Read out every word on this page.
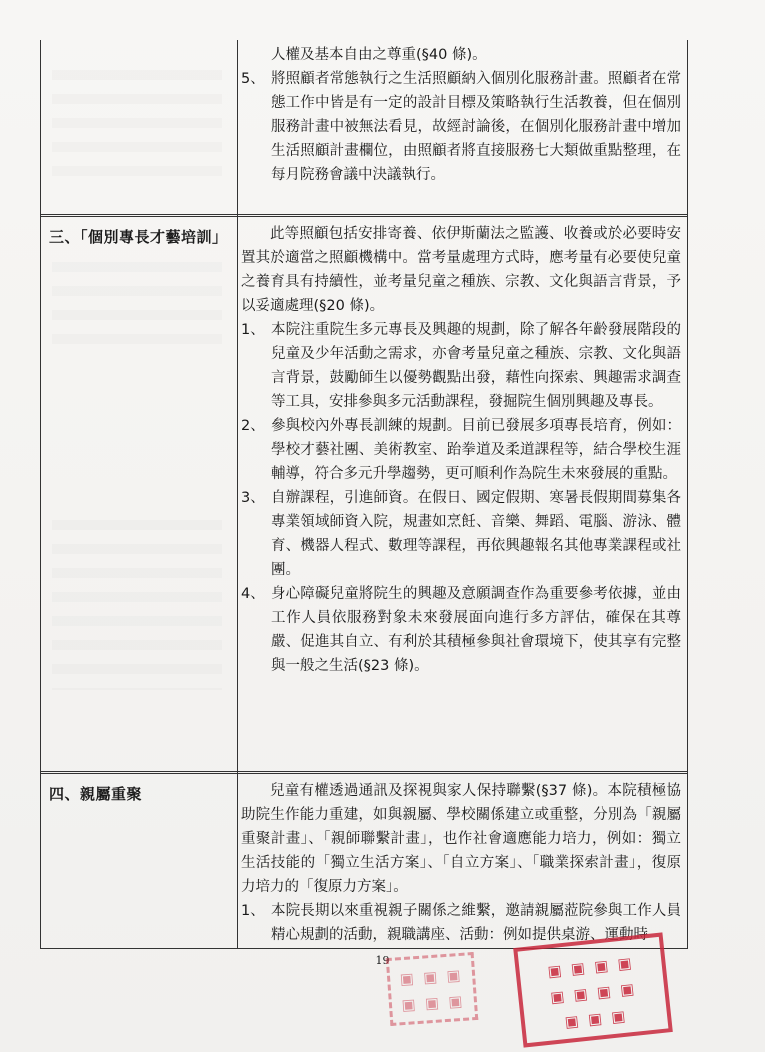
人權及基本自由之尊重(§40 條)。

5、 將照顧者常態執行之生活照顧納入個別化服務計畫。照顧者在常態工作中皆是有一定的設計目標及策略執行生活教養，但在個別服務計畫中被無法看見，故經討論後，在個別化服務計畫中增加生活照顧計畫欄位，由照顧者將直接服務七大類做重點整理，在每月院務會議中決議執行。

三、「個別專長才藝培訓」	此等照顧包括安排寄養、依伊斯蘭法之監護、收養或於必要時安置其於適當之照顧機構中。當考量處理方式時，應考量有必要使兒童之養育具有持續性，並考量兒童之種族、宗教、文化與語言背景，予以妥適處理(§20 條)。

1、 本院注重院生多元專長及興趣的規劃，除了解各年齡發展階段的兒童及少年活動之需求，亦會考量兒童之種族、宗教、文化與語言背景，鼓勵師生以優勢觀點出發，藉性向探索、興趣需求調查等工具，安排參與多元活動課程，發掘院生個別興趣及專長。

2、 參與校內外專長訓練的規劃。目前已發展多項專長培育，例如：學校才藝社團、美術教室、跆拳道及柔道課程等，結合學校生涯輔導，符合多元升學趨勢，更可順利作為院生未來發展的重點。

3、 自辦課程，引進師資。在假日、國定假期、寒暑長假期間募集各專業領域師資入院，規畫如烹飪、音樂、舞蹈、電腦、游泳、體育、機器人程式、數理等課程，再依興趣報名其他專業課程或社團。

4、 身心障礙兒童將院生的興趣及意願調查作為重要參考依據，並由工作人員依服務對象未來發展面向進行多方評估，確保在其尊嚴、促進其自立、有利於其積極參與社會環境下，使其享有完整與一般之生活(§23 條)。

四、親屬重聚	兒童有權透過通訊及探視與家人保持聯繫(§37 條)。本院積極協助院生作能力重建，如與親屬、學校關係建立或重整，分別為「親屬重聚計畫」、「親師聯繫計畫」，也作社會適應能力培力，例如：獨立生活技能的「獨立生活方案」、「自立方案」、「職業探索計畫」，復原力培力的「復原力方案」。

1、 本院長期以來重視親子關係之維繫，邀請親屬蒞院參與工作人員精心規劃的活動，親職講座、活動：例如提供桌游、運動時

19
▣ ▣ ▣
▣ ▣ ▣
▣ ▣ ▣ ▣
▣ ▣ ▣ ▣
▣ ▣ ▣
